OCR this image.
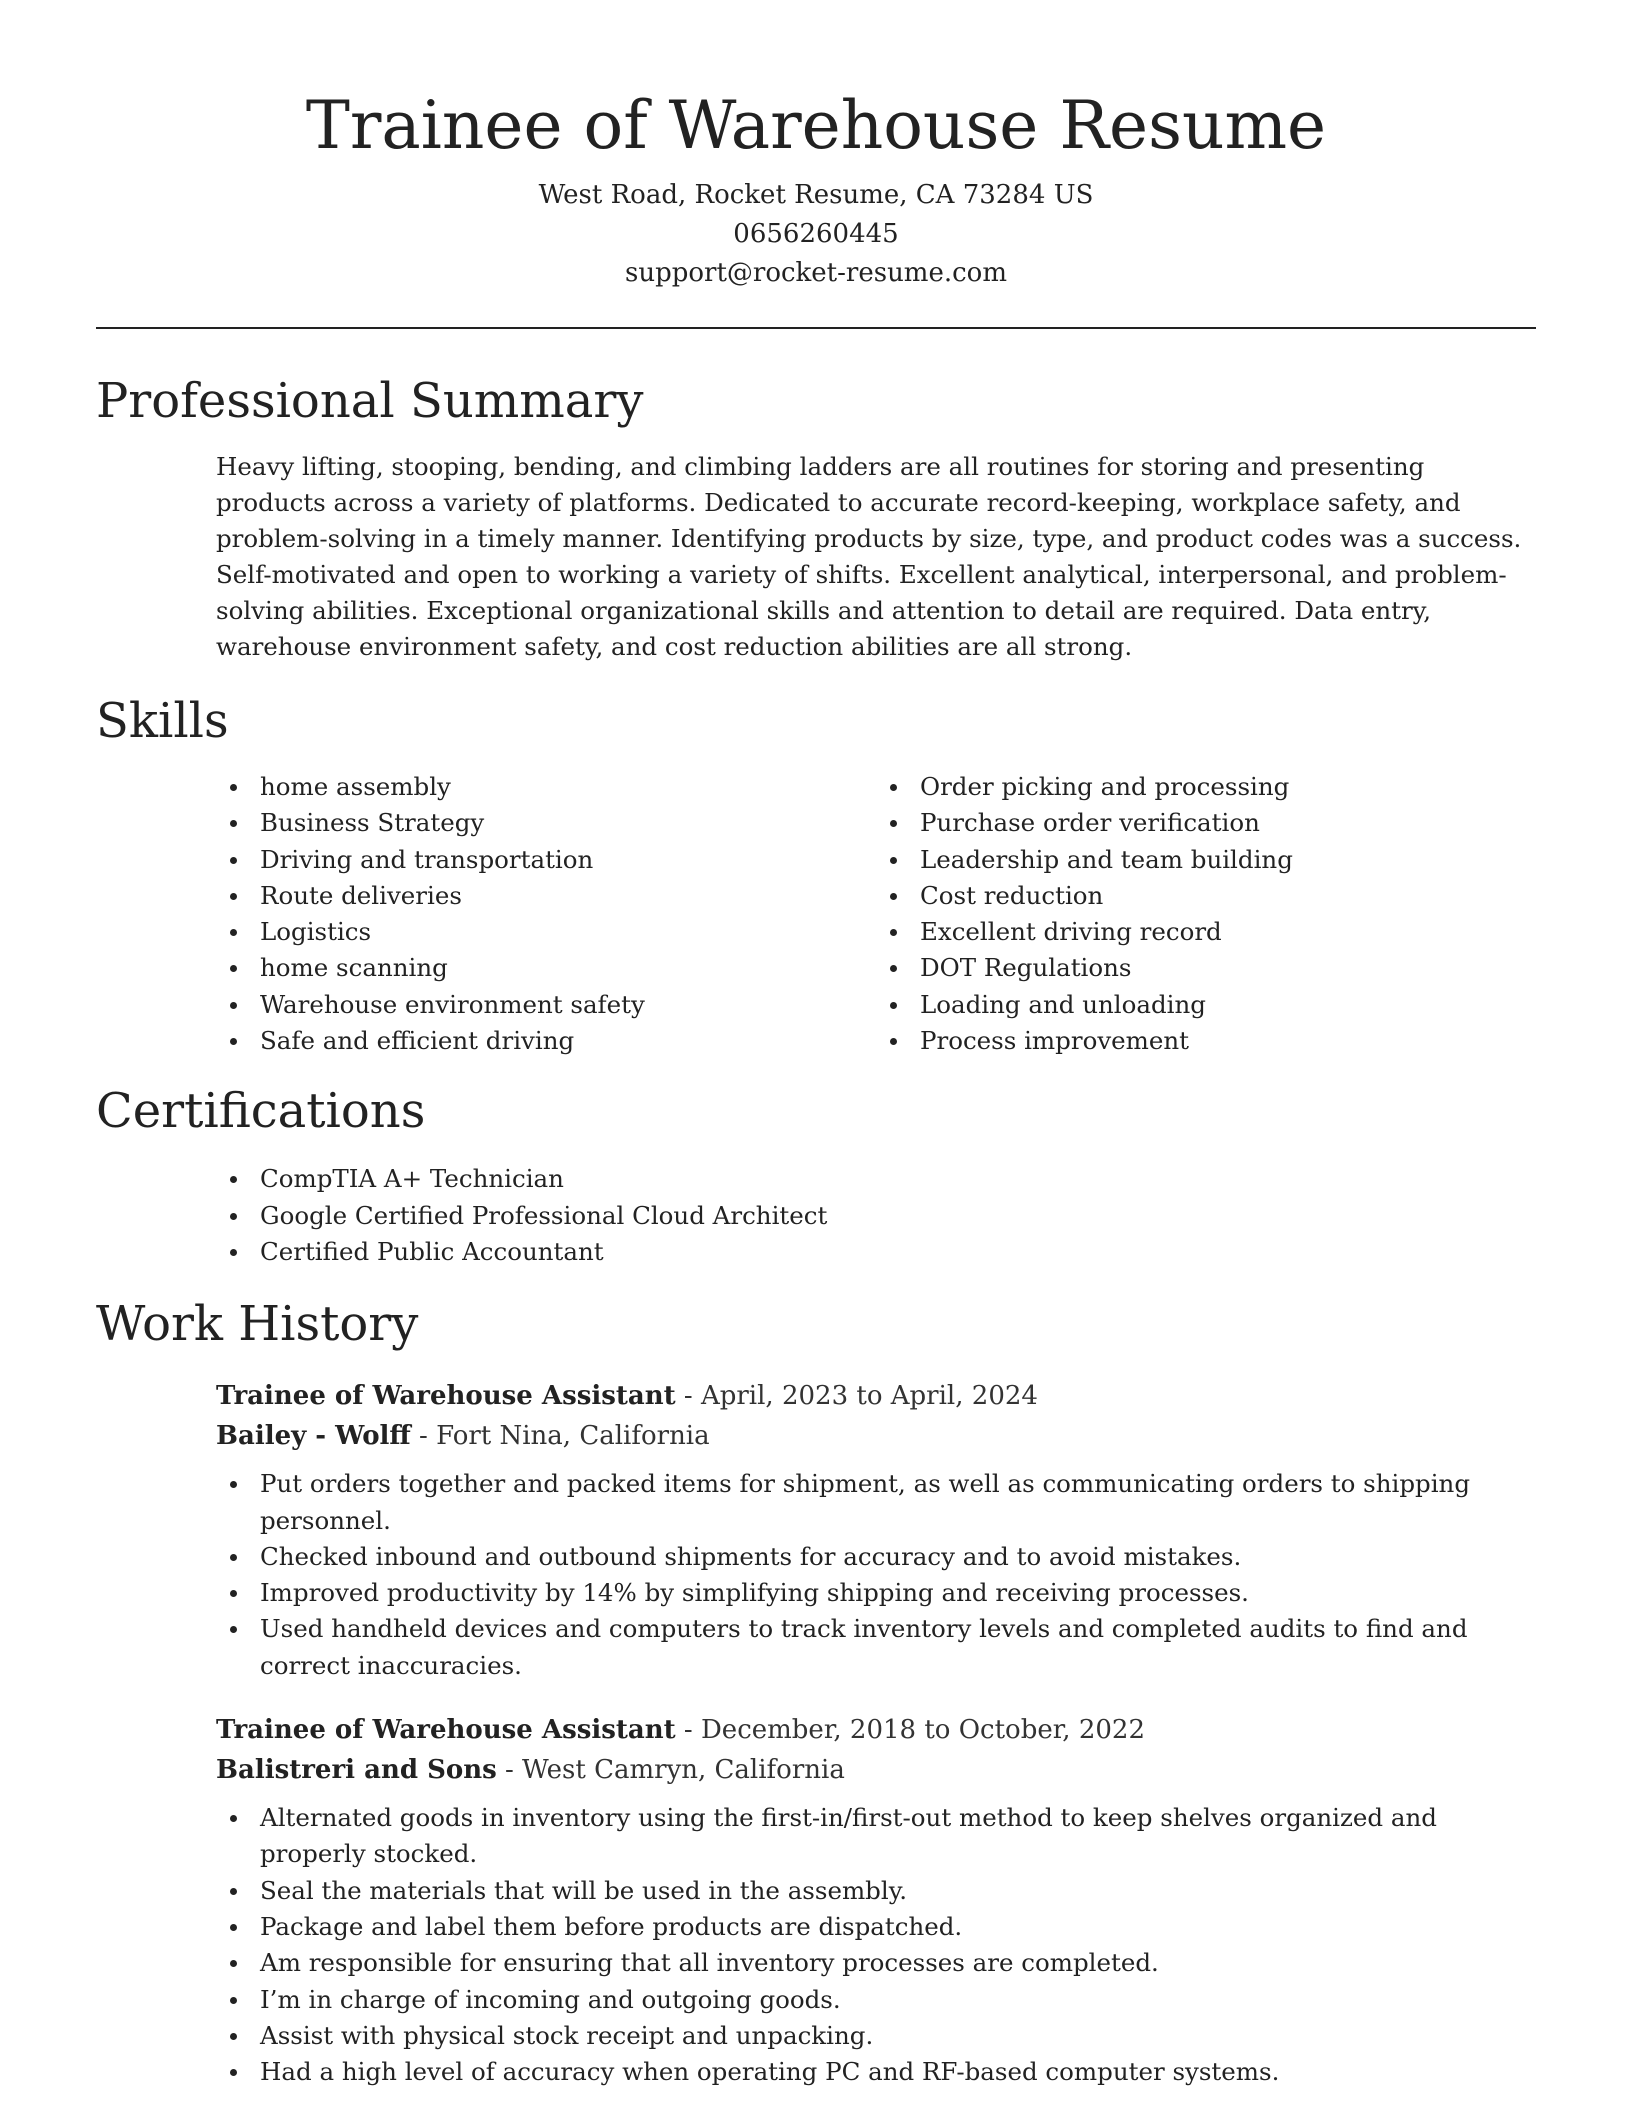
Trainee of Warehouse Resume
West Road, Rocket Resume, CA 73284 US
0656260445
support@rocket-resume.com
Professional Summary

Heavy lifting, stooping, bending, and climbing ladders are all routines for storing and presenting products across a variety of platforms. Dedicated to accurate record-keeping, workplace safety, and problem-solving in a timely manner. Identifying products by size, type, and product codes was a success. Self-motivated and open to working a variety of shifts. Excellent analytical, interpersonal, and problem-solving abilities. Exceptional organizational skills and attention to detail are required. Data entry, warehouse environment safety, and cost reduction abilities are all strong.

Skills
home assembly
Business Strategy
Driving and transportation
Route deliveries
Logistics
home scanning
Warehouse environment safety
Safe and efficient driving
Order picking and processing
Purchase order verification
Leadership and team building
Cost reduction
Excellent driving record
DOT Regulations
Loading and unloading
Process improvement
Certifications
CompTIA A+ Technician
Google Certified Professional Cloud Architect
Certified Public Accountant
Work History
Trainee of Warehouse Assistant - April, 2023 to April, 2024
Bailey - Wolff - Fort Nina, California
Put orders together and packed items for shipment, as well as communicating orders to shipping personnel.
Checked inbound and outbound shipments for accuracy and to avoid mistakes.
Improved productivity by 14% by simplifying shipping and receiving processes.
Used handheld devices and computers to track inventory levels and completed audits to find and correct inaccuracies.
Trainee of Warehouse Assistant - December, 2018 to October, 2022
Balistreri and Sons - West Camryn, California
Alternated goods in inventory using the first-in/first-out method to keep shelves organized and properly stocked.
Seal the materials that will be used in the assembly.
Package and label them before products are dispatched.
Am responsible for ensuring that all inventory processes are completed.
I’m in charge of incoming and outgoing goods.
Assist with physical stock receipt and unpacking.
Had a high level of accuracy when operating PC and RF-based computer systems.
